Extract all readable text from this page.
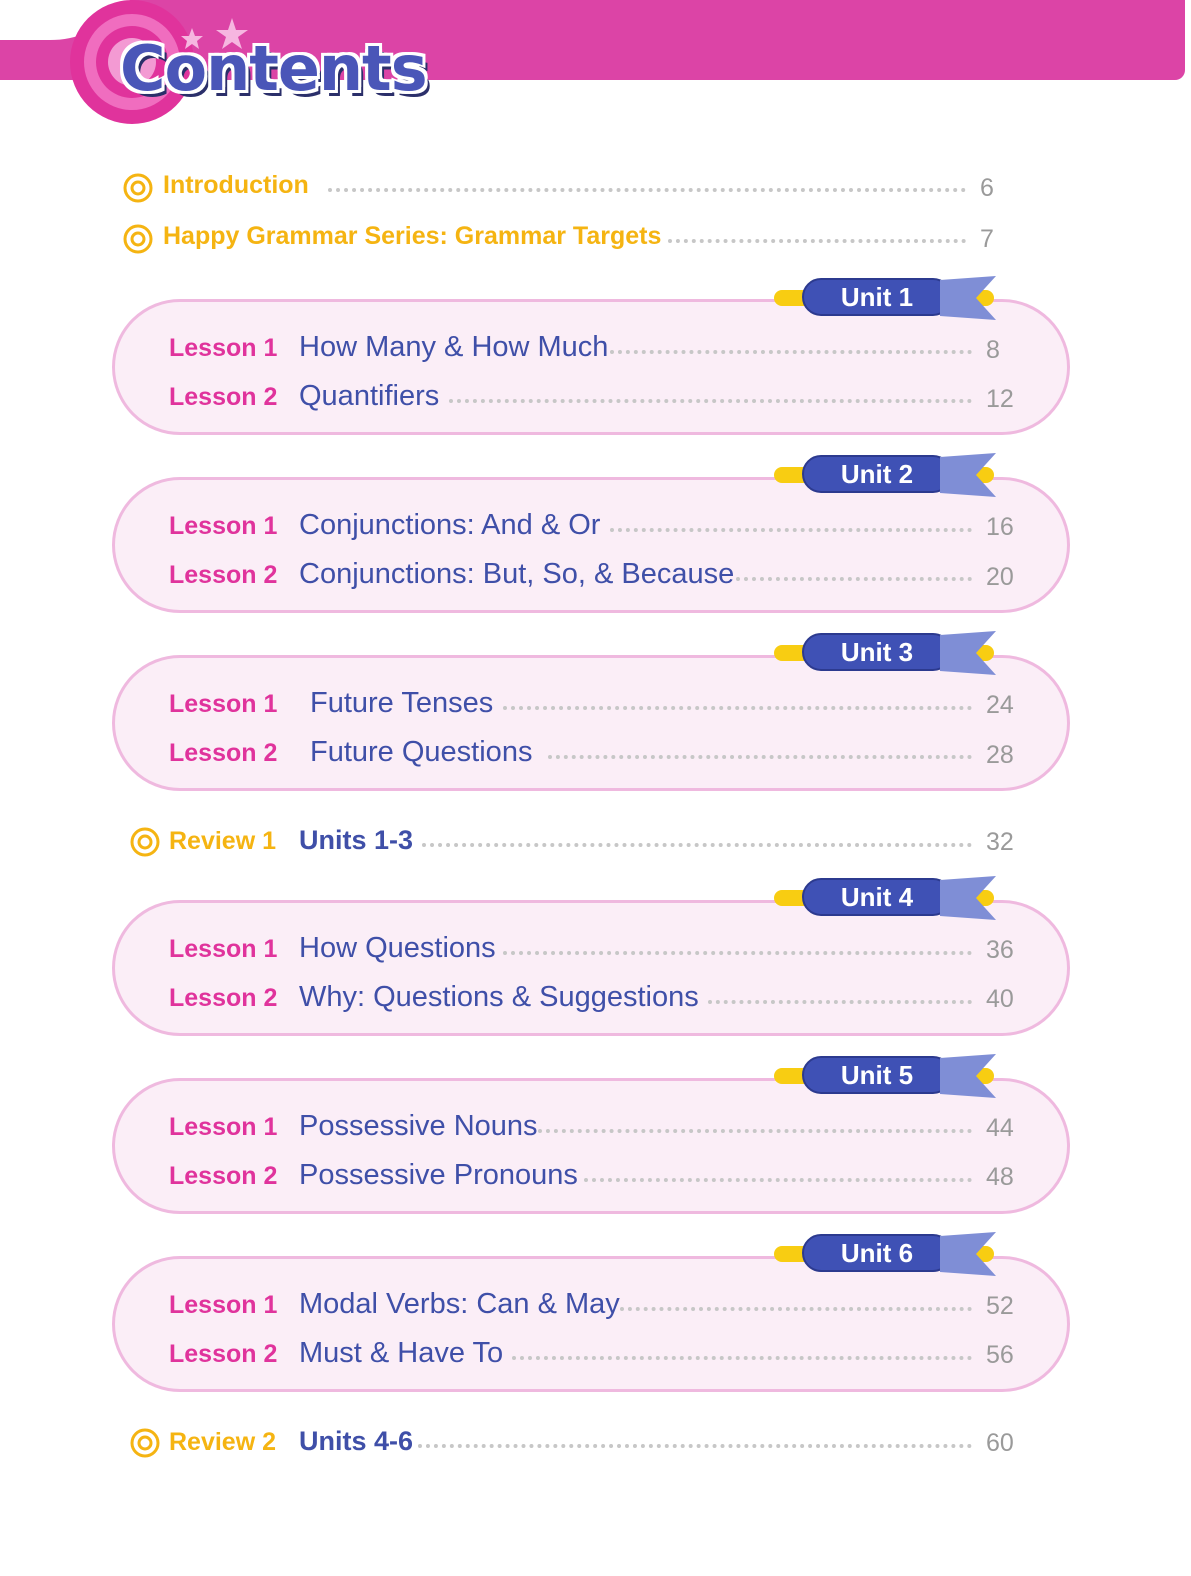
Contents
Introduction	6
Happy Grammar Series: Grammar Targets	7
Unit 1
Lesson 1 How Many & How Much	8
Lesson 2 Quantifiers	12
Unit 2
Lesson 1 Conjunctions: And & Or	16
Lesson 2 Conjunctions: But, So, & Because	20
Unit 3
Lesson 1 Future Tenses	24
Lesson 2 Future Questions	28
Review 1 Units 1-3	32
Unit 4
Lesson 1 How Questions	36
Lesson 2 Why: Questions & Suggestions	40
Unit 5
Lesson 1 Possessive Nouns	44
Lesson 2 Possessive Pronouns	48
Unit 6
Lesson 1 Modal Verbs: Can & May	52
Lesson 2 Must & Have To	56
Review 2 Units 4-6	60
